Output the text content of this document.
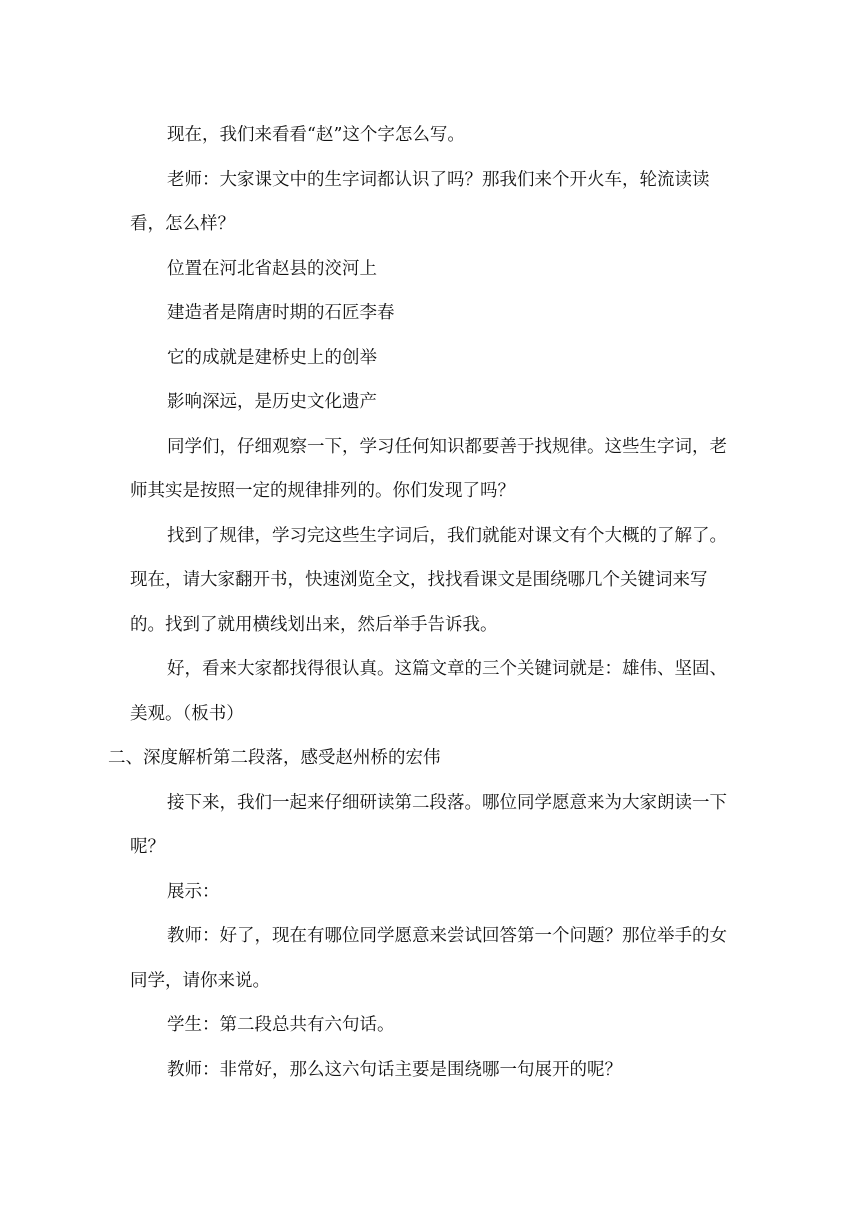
现在，我们来看看“赵”这个字怎么写。

老师：大家课文中的生字词都认识了吗？那我们来个开火车，轮流读读看，怎么样？

位置在河北省赵县的洨河上

建造者是隋唐时期的石匠李春

它的成就是建桥史上的创举

影响深远，是历史文化遗产

同学们，仔细观察一下，学习任何知识都要善于找规律。这些生字词，老师其实是按照一定的规律排列的。你们发现了吗？

找到了规律，学习完这些生字词后，我们就能对课文有个大概的了解了。现在，请大家翻开书，快速浏览全文，找找看课文是围绕哪几个关键词来写的。找到了就用横线划出来，然后举手告诉我。

好，看来大家都找得很认真。这篇文章的三个关键词就是：雄伟、坚固、美观。（板书）

二、深度解析第二段落，感受赵州桥的宏伟

接下来，我们一起来仔细研读第二段落。哪位同学愿意来为大家朗读一下呢？

展示：

教师：好了，现在有哪位同学愿意来尝试回答第一个问题？那位举手的女同学，请你来说。

学生：第二段总共有六句话。

教师：非常好，那么这六句话主要是围绕哪一句展开的呢？
